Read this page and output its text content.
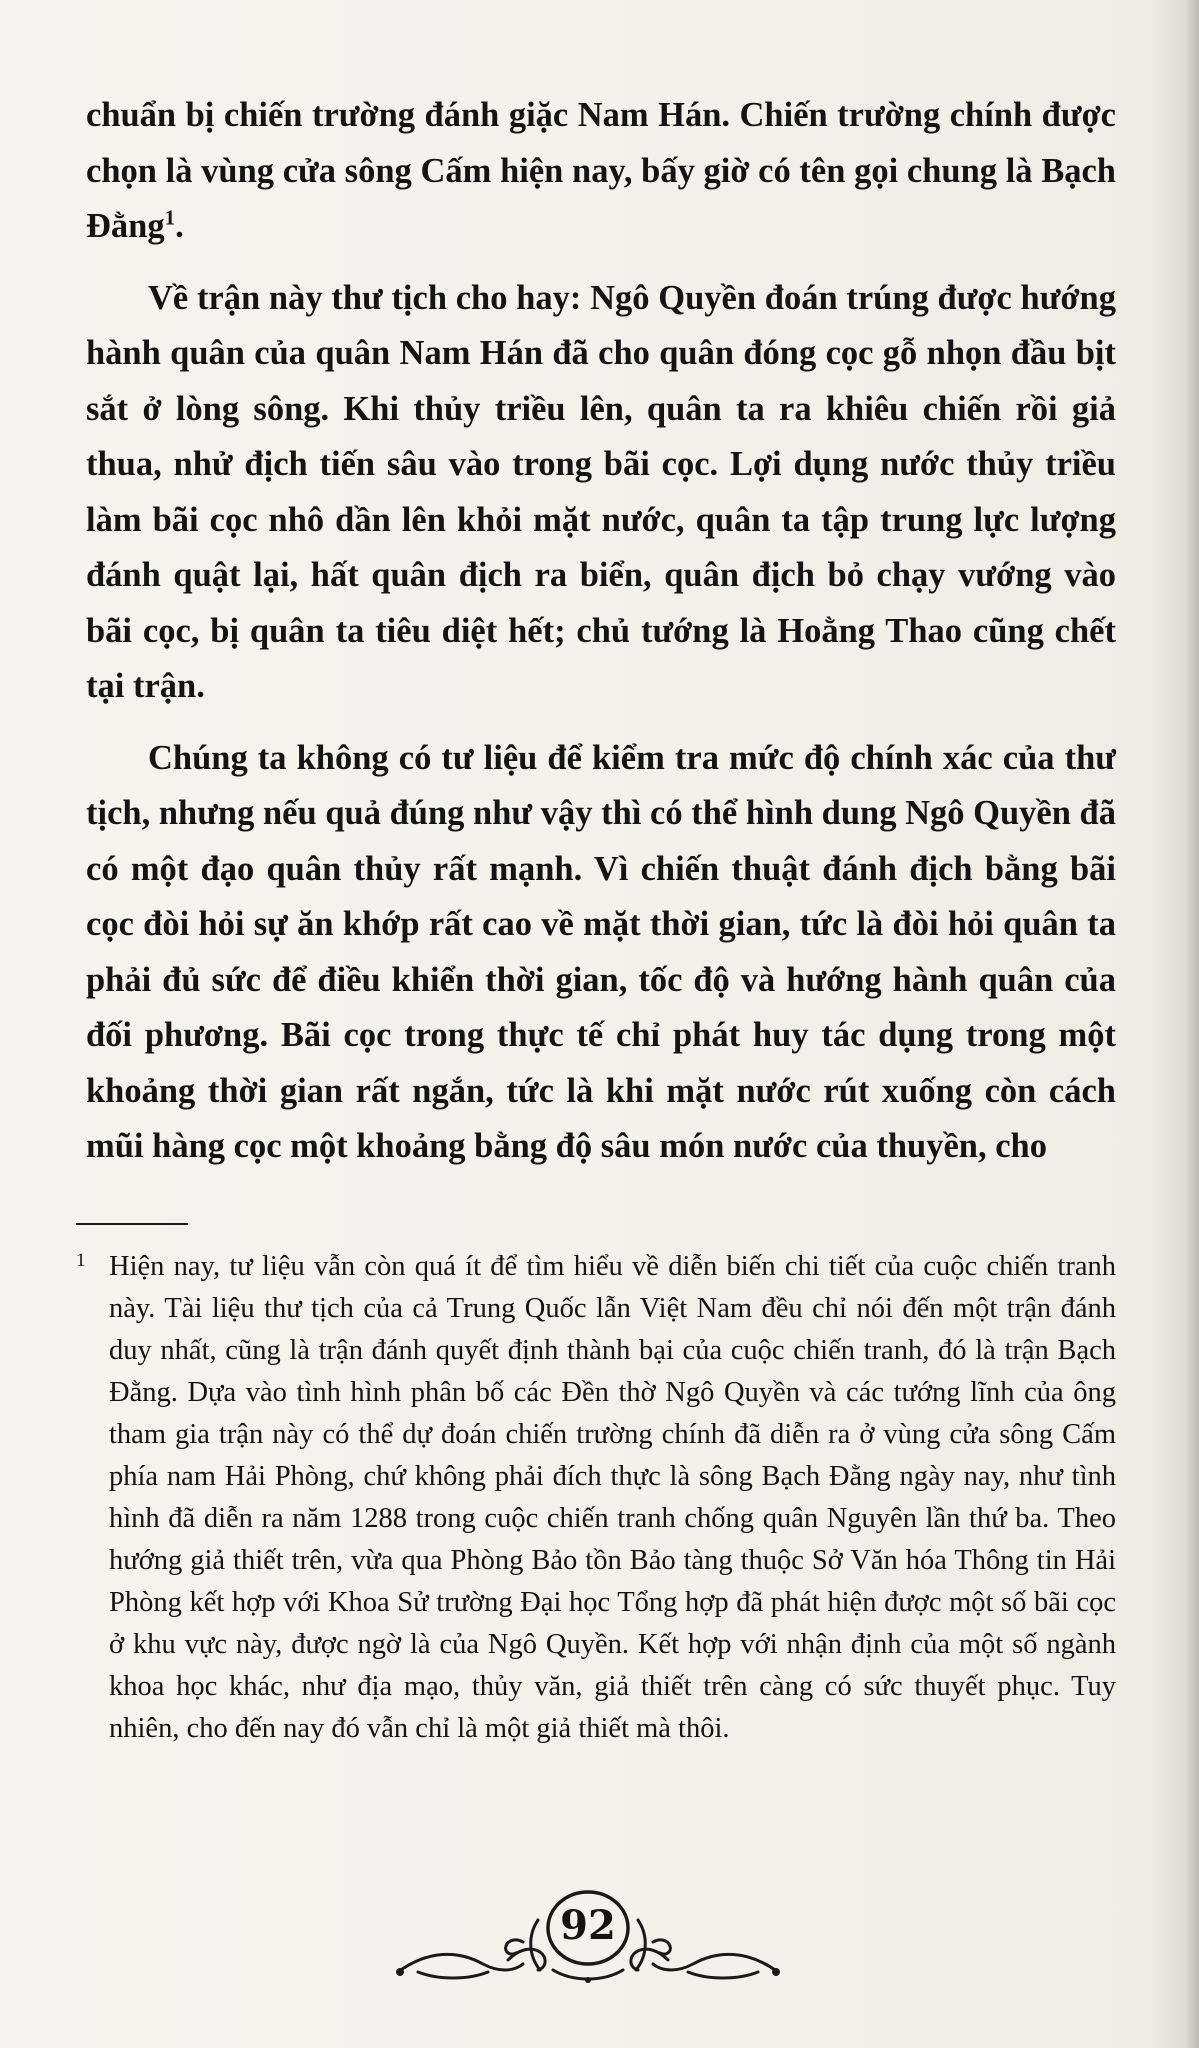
chuẩn bị chiến trường đánh giặc Nam Hán. Chiến trường chính được chọn là vùng cửa sông Cấm hiện nay, bấy giờ có tên gọi chung là Bạch Đằng$^1$.

Về trận này thư tịch cho hay: Ngô Quyền đoán trúng được hướng hành quân của quân Nam Hán đã cho quân đóng cọc gỗ nhọn đầu bịt sắt ở lòng sông. Khi thủy triều lên, quân ta ra khiêu chiến rồi giả thua, nhử địch tiến sâu vào trong bãi cọc. Lợi dụng nước thủy triều làm bãi cọc nhô dần lên khỏi mặt nước, quân ta tập trung lực lượng đánh quật lại, hất quân địch ra biển, quân địch bỏ chạy vướng vào bãi cọc, bị quân ta tiêu diệt hết; chủ tướng là Hoằng Thao cũng chết tại trận.

Chúng ta không có tư liệu để kiểm tra mức độ chính xác của thư tịch, nhưng nếu quả đúng như vậy thì có thể hình dung Ngô Quyền đã có một đạo quân thủy rất mạnh. Vì chiến thuật đánh địch bằng bãi cọc đòi hỏi sự ăn khớp rất cao về mặt thời gian, tức là đòi hỏi quân ta phải đủ sức để điều khiển thời gian, tốc độ và hướng hành quân của đối phương. Bãi cọc trong thực tế chỉ phát huy tác dụng trong một khoảng thời gian rất ngắn, tức là khi mặt nước rút xuống còn cách mũi hàng cọc một khoảng bằng độ sâu món nước của thuyền, cho

1 Hiện nay, tư liệu vẫn còn quá ít để tìm hiểu về diễn biến chi tiết của cuộc chiến tranh này. Tài liệu thư tịch của cả Trung Quốc lẫn Việt Nam đều chỉ nói đến một trận đánh duy nhất, cũng là trận đánh quyết định thành bại của cuộc chiến tranh, đó là trận Bạch Đằng. Dựa vào tình hình phân bố các Đền thờ Ngô Quyền và các tướng lĩnh của ông tham gia trận này có thể dự đoán chiến trường chính đã diễn ra ở vùng cửa sông Cấm phía nam Hải Phòng, chứ không phải đích thực là sông Bạch Đằng ngày nay, như tình hình đã diễn ra năm 1288 trong cuộc chiến tranh chống quân Nguyên lần thứ ba. Theo hướng giả thiết trên, vừa qua Phòng Bảo tồn Bảo tàng thuộc Sở Văn hóa Thông tin Hải Phòng kết hợp với Khoa Sử trường Đại học Tổng hợp đã phát hiện được một số bãi cọc ở khu vực này, được ngờ là của Ngô Quyền. Kết hợp với nhận định của một số ngành khoa học khác, như địa mạo, thủy văn, giả thiết trên càng có sức thuyết phục. Tuy nhiên, cho đến nay đó vẫn chỉ là một giả thiết mà thôi.
92
